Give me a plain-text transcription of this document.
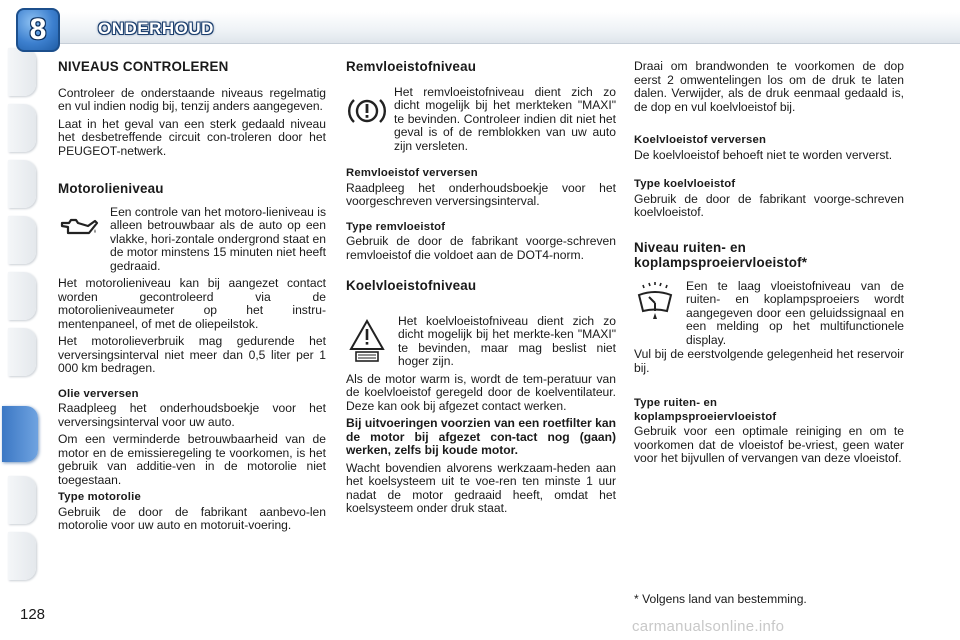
8	ONDERHOUD
NIVEAUS CONTROLEREN

Controleer de onderstaande niveaus regelmatig en vul indien nodig bij, tenzij anders aangegeven.

Laat in het geval van een sterk gedaald niveau het desbetreffende circuit con-troleren door het PEUGEOT-netwerk.

Motorolieniveau

Een controle van het motoro-lieniveau is alleen betrouwbaar als de auto op een vlakke, hori-zontale ondergrond staat en de motor minstens 15 minuten niet heeft gedraaid.

Het motorolieniveau kan bij aangezet contact worden gecontroleerd via de motorolieniveaumeter op het instru-mentenpaneel, of met de oliepeilstok.

Het motorolieverbruik mag gedurende het verversingsinterval niet meer dan 0,5 liter per 1 000 km bedragen.

Olie verversen

Raadpleeg het onderhoudsboekje voor het verversingsinterval voor uw auto.

Om een verminderde betrouwbaarheid van de motor en de emissieregeling te voorkomen, is het gebruik van additie-ven in de motorolie niet toegestaan.

Type motorolie

Gebruik de door de fabrikant aanbevo-len motorolie voor uw auto en motoruit-voering.

Remvloeistofniveau

Het remvloeistofniveau dient zich zo dicht mogelijk bij het merkteken "MAXI" te bevinden. Controleer indien dit niet het geval is of de remblokken van uw auto zijn versleten.

Remvloeistof verversen

Raadpleeg het onderhoudsboekje voor het voorgeschreven verversingsinterval.

Type remvloeistof

Gebruik de door de fabrikant voorge-schreven remvloeistof die voldoet aan de DOT4-norm.

Koelvloeistofniveau

Het koelvloeistofniveau dient zich zo dicht mogelijk bij het merkte-ken "MAXI" te bevinden, maar mag beslist niet hoger zijn.

Als de motor warm is, wordt de tem-peratuur van de koelvloeistof geregeld door de koelventilateur. Deze kan ook bij afgezet contact werken.

Bij uitvoeringen voorzien van een roetfilter kan de motor bij afgezet con-tact nog (gaan) werken, zelfs bij koude motor.

Wacht bovendien alvorens werkzaam-heden aan het koelsysteem uit te voe-ren ten minste 1 uur nadat de motor gedraaid heeft, omdat het koelsysteem onder druk staat.

Draai om brandwonden te voorkomen de dop eerst 2 omwentelingen los om de druk te laten dalen. Verwijder, als de druk eenmaal gedaald is, de dop en vul koelvloeistof bij.

Koelvloeistof verversen

De koelvloeistof behoeft niet te worden ververst.

Type koelvloeistof

Gebruik de door de fabrikant voorge-schreven koelvloeistof.

Niveau ruiten- en
koplampsproeiervloeistof*

Een te laag vloeistofniveau van de ruiten- en koplampsproeiers wordt aangegeven door een geluidssignaal en een melding op het multifunctionele display.

Vul bij de eerstvolgende gelegenheid het reservoir bij.

Type ruiten- en
koplampsproeiervloeistof

Gebruik voor een optimale reiniging en om te voorkomen dat de vloeistof be-vriest, geen water voor het bijvullen of vervangen van deze vloeistof.

128
* Volgens land van bestemming.
carmanualsonline.info
